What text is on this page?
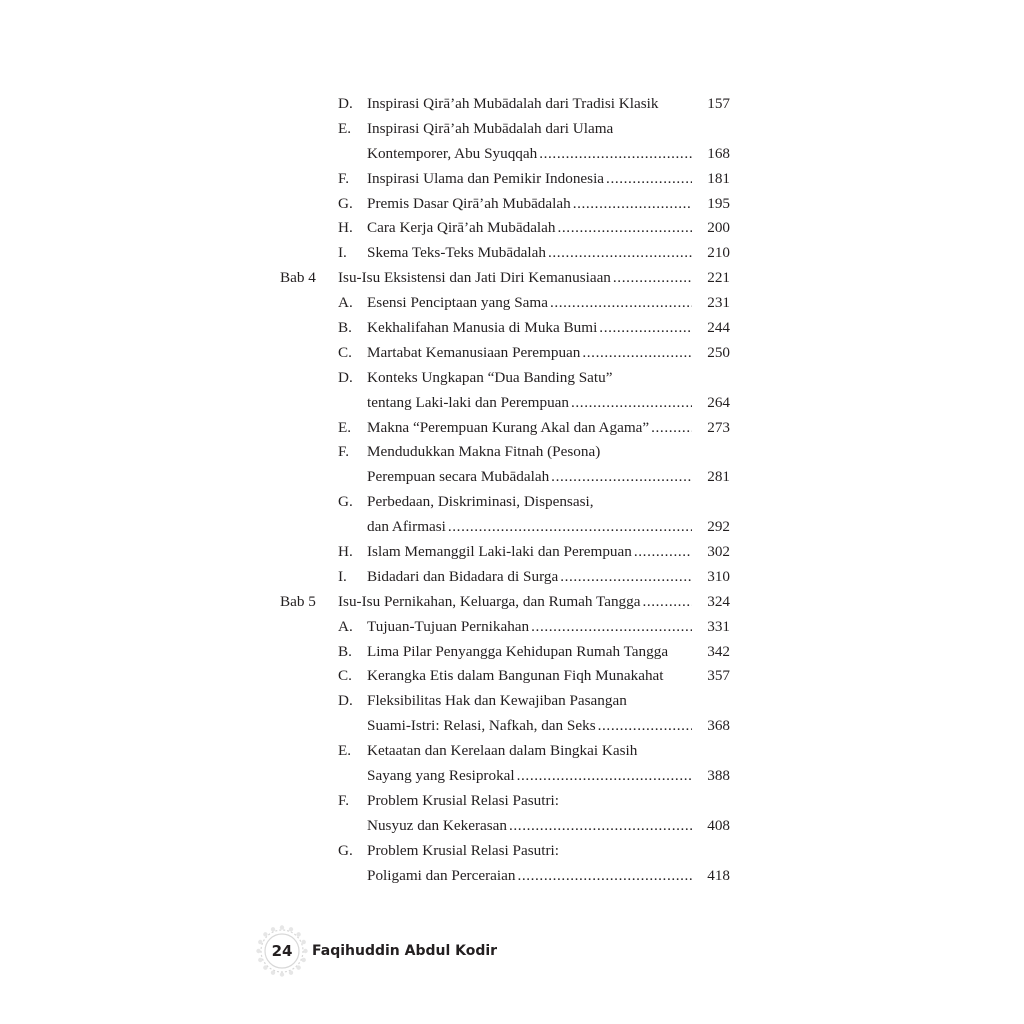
D. Inspirasi Qirā’ah Mubādalah dari Tradisi Klasik	157
E. Inspirasi Qirā’ah Mubādalah dari Ulama
Kontemporer, Abu Syuqqah .....	168
F. Inspirasi Ulama dan Pemikir Indonesia .....	181
G. Premis Dasar Qirā’ah Mubādalah .....	195
H. Cara Kerja Qirā’ah Mubādalah .....	200
I. Skema Teks-Teks Mubādalah .....	210
Bab 4 Isu-Isu Eksistensi dan Jati Diri Kemanusiaan .....	221
A. Esensi Penciptaan yang Sama .....	231
B. Kekhalifahan Manusia di Muka Bumi .....	244
C. Martabat Kemanusiaan Perempuan .....	250
D. Konteks Ungkapan “Dua Banding Satu”
tentang Laki-laki dan Perempuan .....	264
E. Makna “Perempuan Kurang Akal dan Agama” .....	273
F. Mendudukkan Makna Fitnah (Pesona)
Perempuan secara Mubādalah .....	281
G. Perbedaan, Diskriminasi, Dispensasi,
dan Afirmasi .....	292
H. Islam Memanggil Laki-laki dan Perempuan .....	302
I. Bidadari dan Bidadara di Surga .....	310
Bab 5 Isu-Isu Pernikahan, Keluarga, dan Rumah Tangga .....	324
A. Tujuan-Tujuan Pernikahan .....	331
B. Lima Pilar Penyangga Kehidupan Rumah Tangga	342
C. Kerangka Etis dalam Bangunan Fiqh Munakahat	357
D. Fleksibilitas Hak dan Kewajiban Pasangan
Suami-Istri: Relasi, Nafkah, dan Seks .....	368
E. Ketaatan dan Kerelaan dalam Bingkai Kasih
Sayang yang Resiprokal .....	388
F. Problem Krusial Relasi Pasutri:
Nusyuz dan Kekerasan .....	408
G. Problem Krusial Relasi Pasutri:
Poligami dan Perceraian .....	418
24	Faqihuddin Abdul Kodir
